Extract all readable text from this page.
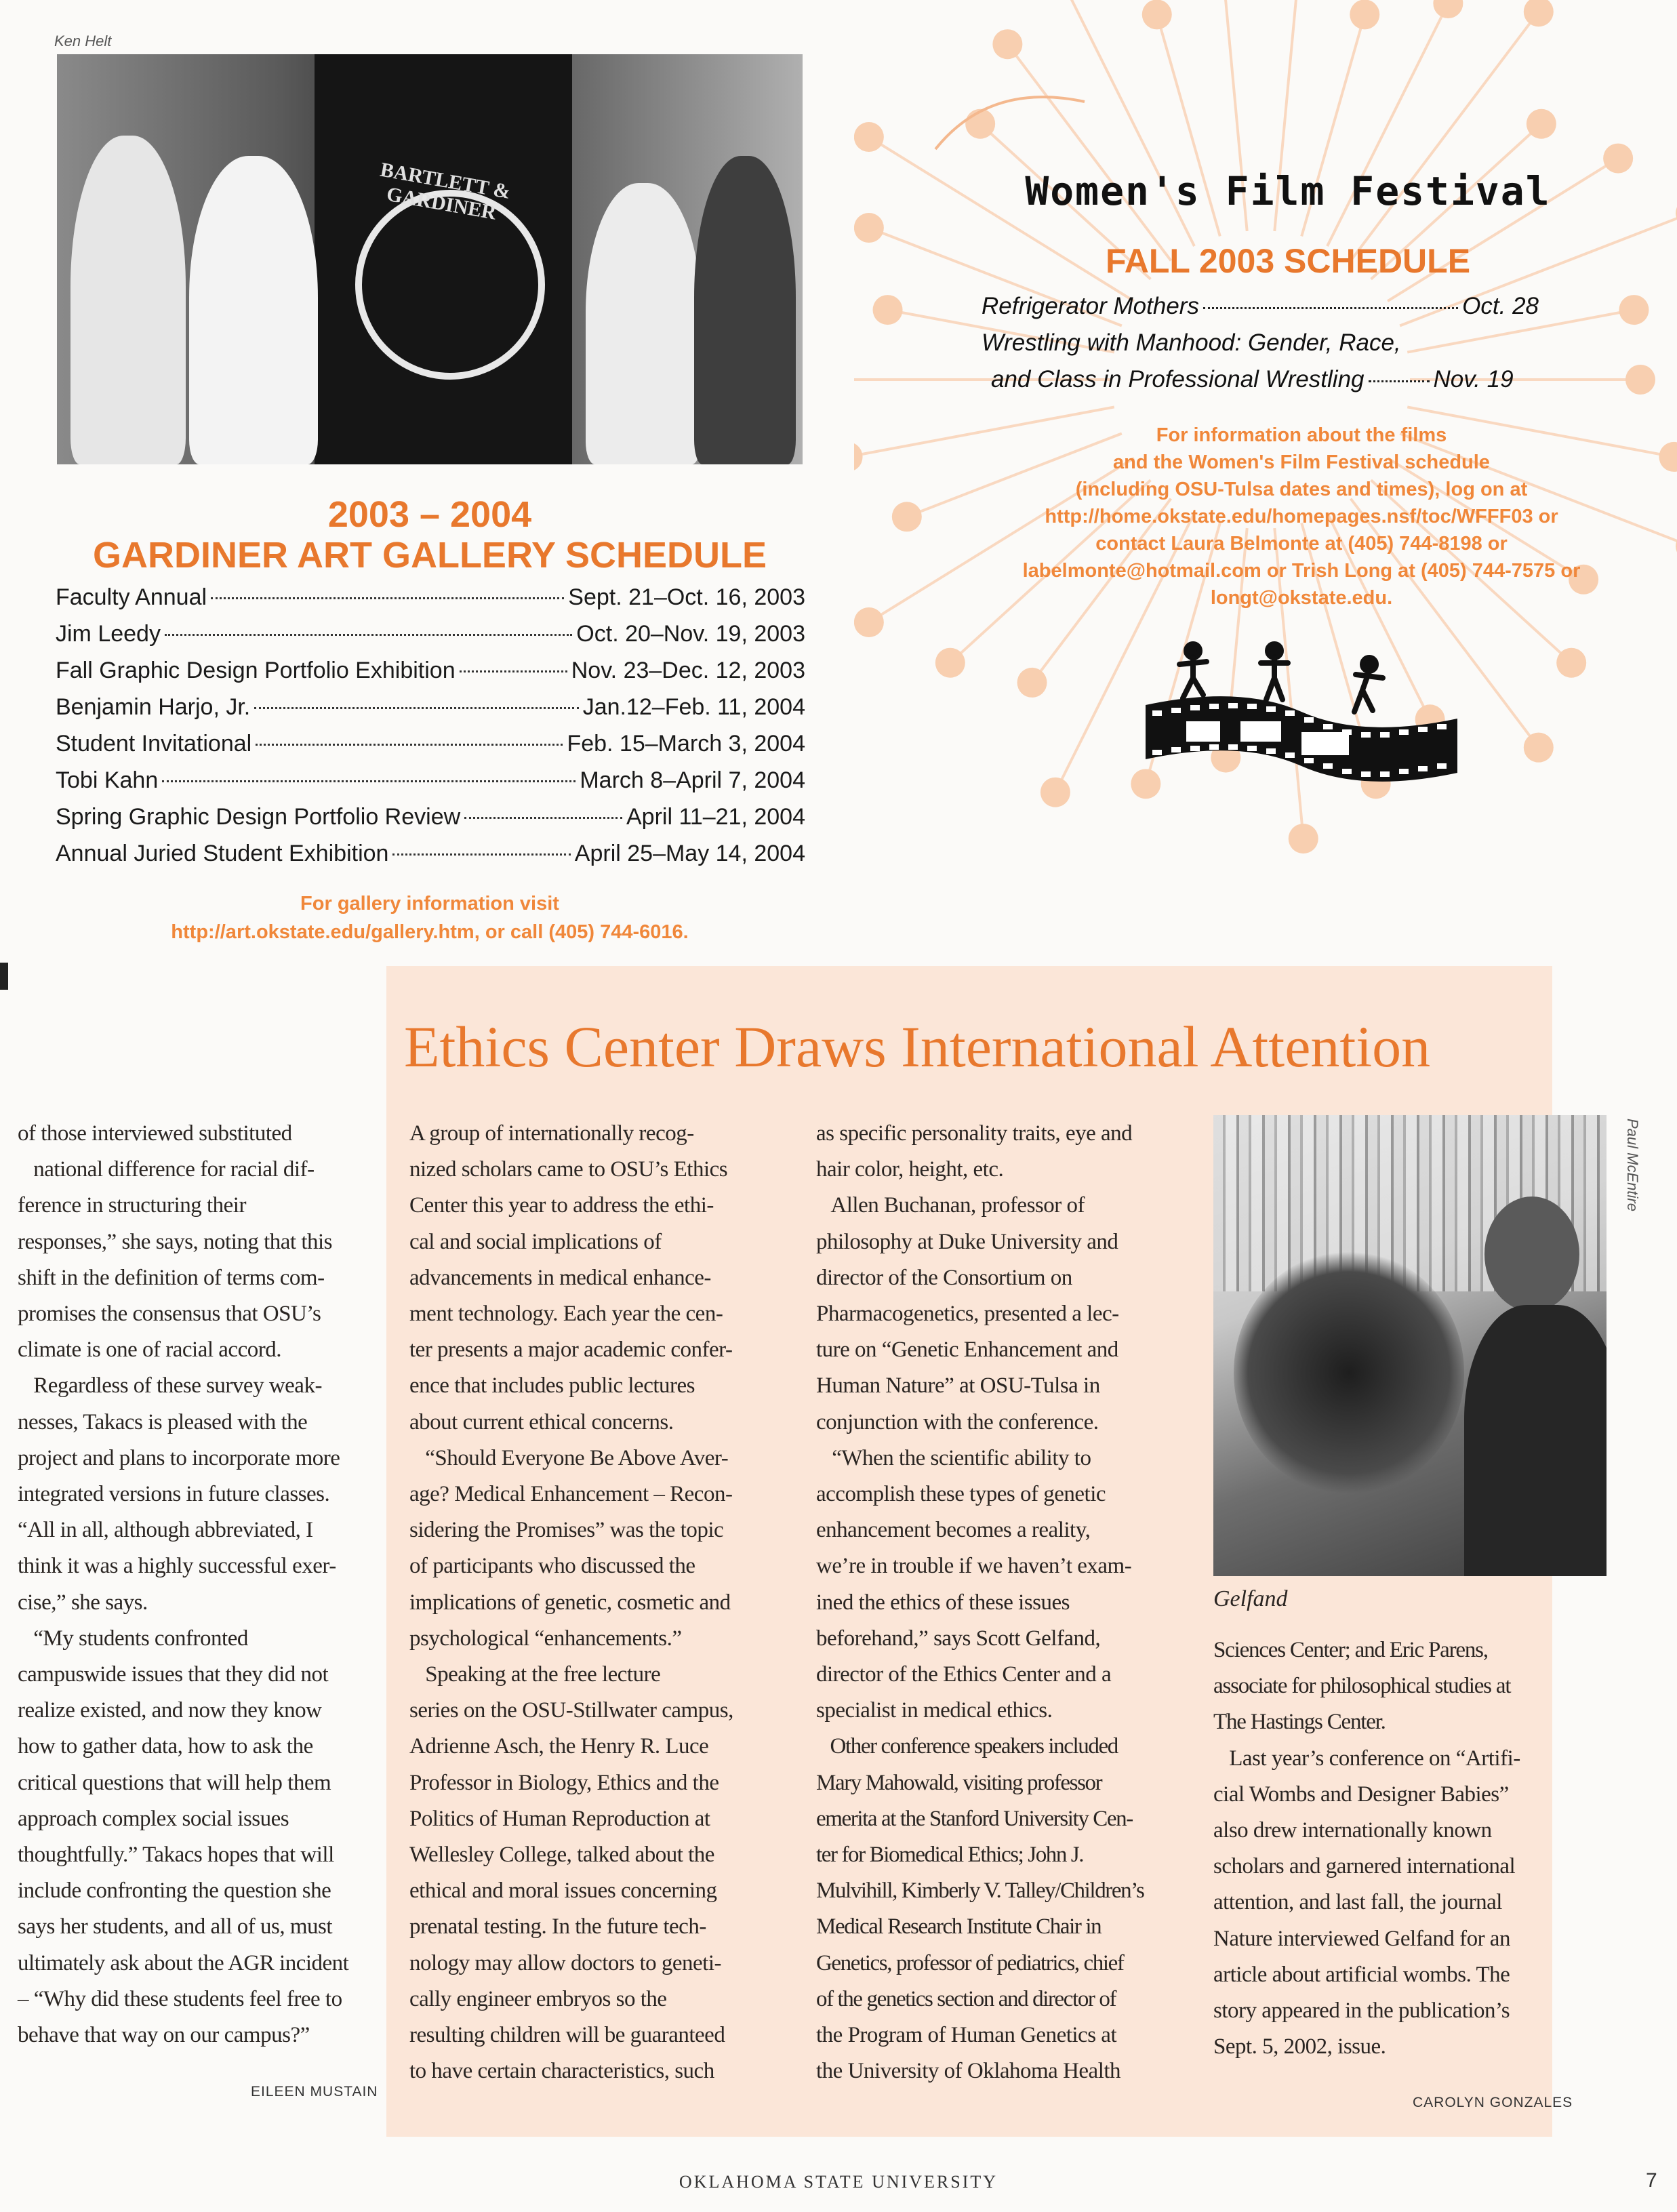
Ken Helt
BARTLETT & GARDINER	Women's Film Festival
FALL 2003 SCHEDULE
Refrigerator Mothers	Oct. 28
Wrestling with Manhood: Gender, Race,
and Class in Professional Wrestling	Nov. 19
For information about the films
and the Women's Film Festival schedule
(including OSU-Tulsa dates and times), log on at
http://home.okstate.edu/homepages.nsf/toc/WFFF03 or
contact Laura Belmonte at (405) 744-8198 or
labelmonte@hotmail.com or Trish Long at (405) 744-7575 or
longt@okstate.edu.
2003 – 2004
GARDINER ART GALLERY SCHEDULE
Faculty Annual	Sept. 21–Oct. 16, 2003
Jim Leedy	Oct. 20–Nov. 19, 2003
Fall Graphic Design Portfolio Exhibition	Nov. 23–Dec. 12, 2003
Benjamin Harjo, Jr.	Jan.12–Feb. 11, 2004
Student Invitational	Feb. 15–March 3, 2004
Tobi Kahn	March 8–April 7, 2004
Spring Graphic Design Portfolio Review	April 11–21, 2004
Annual Juried Student Exhibition	April 25–May 14, 2004
For gallery information visit
http://art.okstate.edu/gallery.htm, or call (405) 744-6016.
Ethics Center Draws International Attention

of those interviewed substituted

national difference for racial dif-

ference in structuring their

responses,” she says, noting that this

shift in the definition of terms com-

promises the consensus that OSU’s

climate is one of racial accord.

Regardless of these survey weak-

nesses, Takacs is pleased with the

project and plans to incorporate more

integrated versions in future classes.

“All in all, although abbreviated, I

think it was a highly successful exer-

cise,” she says.

“My students confronted

campuswide issues that they did not

realize existed, and now they know

how to gather data, how to ask the

critical questions that will help them

approach complex social issues

thoughtfully.” Takacs hopes that will

include confronting the question she

says her students, and all of us, must

ultimately ask about the AGR incident

– “Why did these students feel free to

behave that way on our campus?”

EILEEN MUSTAIN

A group of internationally recog-

nized scholars came to OSU’s Ethics

Center this year to address the ethi-

cal and social implications of

advancements in medical enhance-

ment technology. Each year the cen-

ter presents a major academic confer-

ence that includes public lectures

about current ethical concerns.

“Should Everyone Be Above Aver-

age? Medical Enhancement – Recon-

sidering the Promises” was the topic

of participants who discussed the

implications of genetic, cosmetic and

psychological “enhancements.”

Speaking at the free lecture

series on the OSU-Stillwater campus,

Adrienne Asch, the Henry R. Luce

Professor in Biology, Ethics and the

Politics of Human Reproduction at

Wellesley College, talked about the

ethical and moral issues concerning

prenatal testing. In the future tech-

nology may allow doctors to geneti-

cally engineer embryos so the

resulting children will be guaranteed

to have certain characteristics, such

as specific personality traits, eye and

hair color, height, etc.

Allen Buchanan, professor of

philosophy at Duke University and

director of the Consortium on

Pharmacogenetics, presented a lec-

ture on “Genetic Enhancement and

Human Nature” at OSU-Tulsa in

conjunction with the conference.

“When the scientific ability to

accomplish these types of genetic

enhancement becomes a reality,

we’re in trouble if we haven’t exam-

ined the ethics of these issues

beforehand,” says Scott Gelfand,

director of the Ethics Center and a

specialist in medical ethics.

Other conference speakers included

Mary Mahowald, visiting professor

emerita at the Stanford University Cen-

ter for Biomedical Ethics; John J.

Mulvihill, Kimberly V. Talley/Children’s

Medical Research Institute Chair in

Genetics, professor of pediatrics, chief

of the genetics section and director of

the Program of Human Genetics at

the University of Oklahoma Health

Paul McEntire
Gelfand

Sciences Center; and Eric Parens,

associate for philosophical studies at

The Hastings Center.

Last year’s conference on “Artifi-

cial Wombs and Designer Babies”

also drew internationally known

scholars and garnered international

attention, and last fall, the journal

Nature interviewed Gelfand for an

article about artificial wombs. The

story appeared in the publication’s

Sept. 5, 2002, issue.

CAROLYN GONZALES
OKLAHOMA STATE UNIVERSITY	7
